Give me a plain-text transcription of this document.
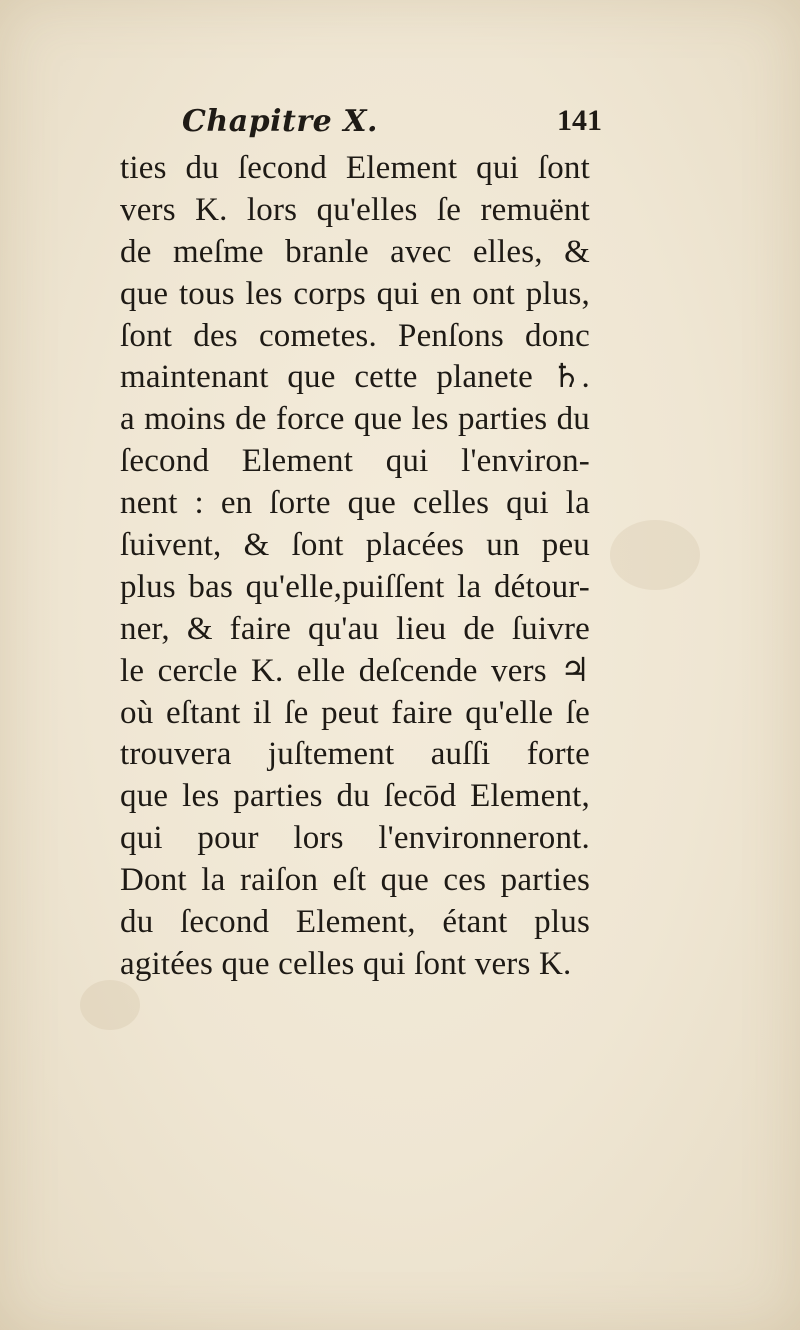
Chapitre X.	141
ties du ſecond Element qui ſont
vers K. lors qu'elles ſe remuënt
de meſme branle avec elles, &
que tous les corps qui en ont plus,
ſont des cometes. Penſons donc
maintenant que cette planete ♄.
a moins de force que les parties du
ſecond Element qui l'environ-
nent : en ſorte que celles qui la
ſuivent, & ſont placées un peu
plus bas qu'elle,puiſſent la détour-
ner, & faire qu'au lieu de ſuivre
le cercle K. elle deſcende vers ♃
où eſtant il ſe peut faire qu'elle ſe
trouvera juſtement auſſi forte
que les parties du ſecōd Element,
qui pour lors l'environneront.
Dont la raiſon eſt que ces parties
du ſecond Element, étant plus
agitées que celles qui ſont vers K.
